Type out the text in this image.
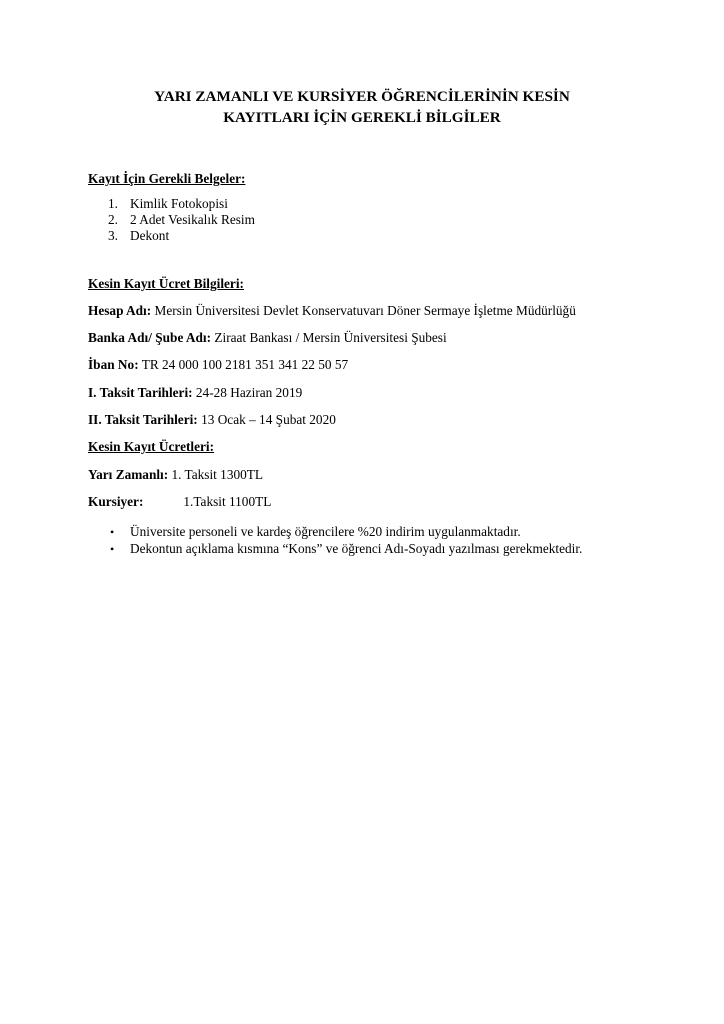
YARI ZAMANLI VE KURSİYER ÖĞRENCİLERİNİN KESİN
KAYITLARI İÇİN GEREKLİ BİLGİLER
Kayıt İçin Gerekli Belgeler:
1. Kimlik Fotokopisi
2. 2 Adet Vesikalık Resim
3. Dekont
Kesin Kayıt Ücret Bilgileri:
Hesap Adı: Mersin Üniversitesi Devlet Konservatuvarı Döner Sermaye İşletme Müdürlüğü
Banka Adı/ Şube Adı: Ziraat Bankası / Mersin Üniversitesi Şubesi
İban No: TR 24 000 100 2181 351 341 22 50 57
I. Taksit Tarihleri: 24-28 Haziran 2019
II. Taksit Tarihleri: 13 Ocak – 14 Şubat 2020
Kesin Kayıt Ücretleri:
Yarı Zamanlı: 1. Taksit 1300TL
Kursiyer:	1.Taksit 1100TL
• Üniversite personeli ve kardeş öğrencilere %20 indirim uygulanmaktadır.
• Dekontun açıklama kısmına “Kons” ve öğrenci Adı-Soyadı yazılması gerekmektedir.
